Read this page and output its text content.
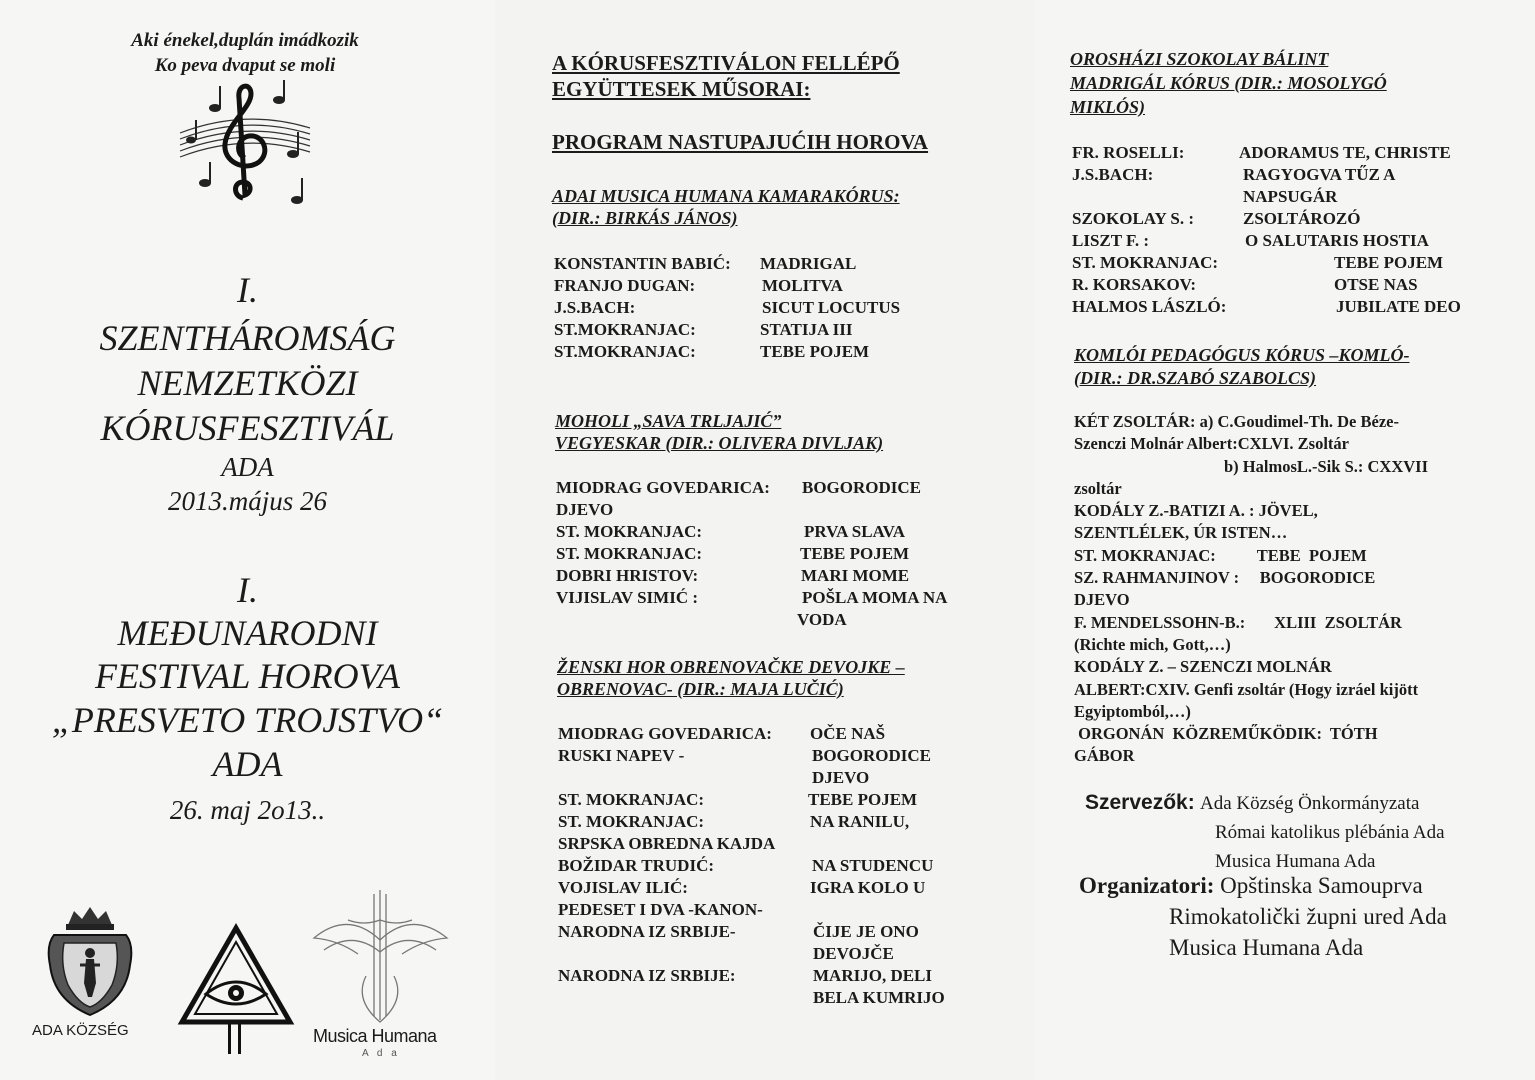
Aki énekel,duplán imádkozik
Ko peva dvaput se moli
I.
SZENTHÁROMSÁG
NEMZETKÖZI
KÓRUSFESZTIVÁL
ADA
2013.május 26
I.
MEĐUNARODNI
FESTIVAL HOROVA
„PRESVETO TROJSTVO“
ADA
26. maj 2o13..
ADA KÖZSÉG	Musica Humana
A d a
A KÓRUSFESZTIVÁLON FELLÉPŐ
EGYÜTTESEK MŰSORAI:
PROGRAM NASTUPAJUĆIH HOROVA
ADAI MUSICA HUMANA KAMARAKÓRUS:
(DIR.: BIRKÁS JÁNOS)
KONSTANTIN BABIĆ: MADRIGAL
FRANJO DUGAN:	MOLITVA
J.S.BACH:	SICUT LOCUTUS
ST.MOKRANJAC:	STATIJA III
ST.MOKRANJAC:	TEBE POJEM
MOHOLI „SAVA TRLJAJIĆ”
VEGYESKAR (DIR.: OLIVERA DIVLJAK)
MIODRAG GOVEDARICA: BOGORODICE
DJEVO
ST. MOKRANJAC:	PRVA SLAVA
ST. MOKRANJAC:	TEBE POJEM
DOBRI HRISTOV:	MARI MOME
VIJISLAV SIMIĆ :	POŠLA MOMA NA
VODA
ŽENSKI HOR OBRENOVAČKE DEVOJKE –
OBRENOVAC- (DIR.: MAJA LUČIĆ)
MIODRAG GOVEDARICA: OČE NAŠ
RUSKI NAPEV -	BOGORODICE
DJEVO
ST. MOKRANJAC:	TEBE POJEM
ST. MOKRANJAC:	NA RANILU,
SRPSKA OBREDNA KAJDA
BOŽIDAR TRUDIĆ:	NA STUDENCU
VOJISLAV ILIĆ:	IGRA KOLO U
PEDESET I DVA -KANON-
NARODNA IZ SRBIJE-	ČIJE JE ONO
DEVOJČE
NARODNA IZ SRBIJE:	MARIJO, DELI
BELA KUMRIJO
OROSHÁZI SZOKOLAY BÁLINT
MADRIGÁL KÓRUS (DIR.: MOSOLYGÓ
MIKLÓS)
FR. ROSELLI:	ADORAMUS TE, CHRISTE
J.S.BACH:	RAGYOGVA TŰZ A
NAPSUGÁR
SZOKOLAY S. :	ZSOLTÁROZÓ
LISZT F. :	O SALUTARIS HOSTIA
ST. MOKRANJAC:	TEBE POJEM
R. KORSAKOV:	OTSE NAS
HALMOS LÁSZLÓ:	JUBILATE DEO
KOMLÓI PEDAGÓGUS KÓRUS –KOMLÓ-
(DIR.: DR.SZABÓ SZABOLCS)
KÉT ZSOLTÁR: a) C.Goudimel-Th. De Béze-
Szenczi Molnár Albert:CXLVI. Zsoltár
b) HalmosL.-Sik S.: CXXVII
zsoltár
KODÁLY Z.-BATIZI A. : JÖVEL,
SZENTLÉLEK, ÚR ISTEN…
ST. MOKRANJAC:          TEBE  POJEM
SZ. RAHMANJINOV :     BOGORODICE
DJEVO
F. MENDELSSOHN-B.:       XLIII  ZSOLTÁR
(Richte mich, Gott,…)
KODÁLY Z. – SZENCZI MOLNÁR
ALBERT:CXIV. Genfi zsoltár (Hogy izráel kijött
Egyiptomból,…)
ORGONÁN  KÖZREMŰKÖDIK:  TÓTH
GÁBOR
Szervezők: Ada Község Önkormányzata
Római katolikus plébánia Ada
Musica Humana Ada
Organizatori: Opštinska Samouprva
Rimokatolički župni ured Ada
Musica Humana Ada
